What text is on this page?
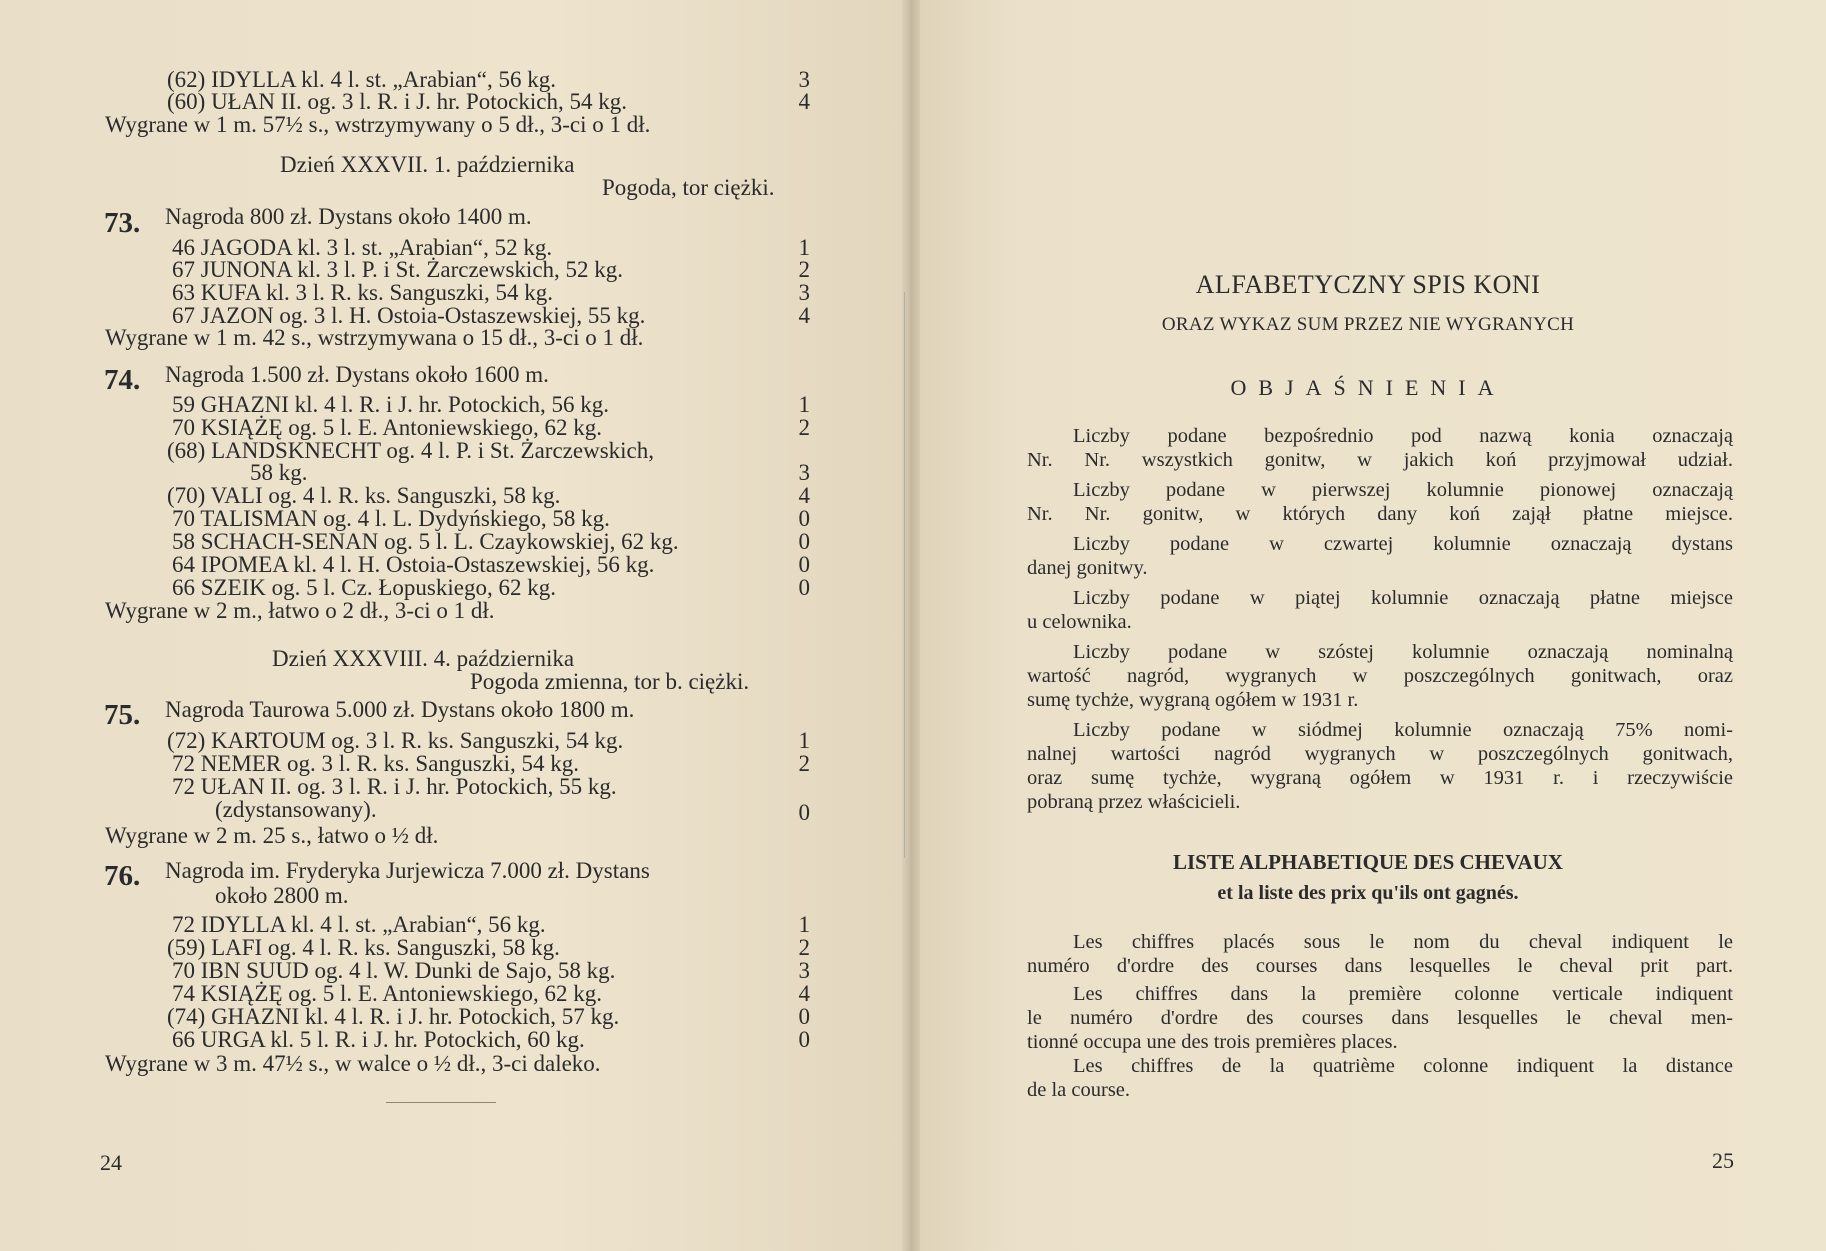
(62) IDYLLA kl. 4 l. st. „Arabian“, 56 kg.	3
(60) UŁAN II. og. 3 l. R. i J. hr. Potockich, 54 kg.	4
Wygrane w 1 m. 57½ s., wstrzymywany o 5 dł., 3-ci o 1 dł.
Dzień XXXVII. 1. października
Pogoda, tor ciężki.
73. Nagroda 800 zł. Dystans około 1400 m.
46 JAGODA kl. 3 l. st. „Arabian“, 52 kg.	1
67 JUNONA kl. 3 l. P. i St. Żarczewskich, 52 kg.	2
63 KUFA kl. 3 l. R. ks. Sanguszki, 54 kg.	3
67 JAZON og. 3 l. H. Ostoia-Ostaszewskiej, 55 kg.	4
Wygrane w 1 m. 42 s., wstrzymywana o 15 dł., 3-ci o 1 dł.
74. Nagroda 1.500 zł. Dystans około 1600 m.
59 GHAZNI kl. 4 l. R. i J. hr. Potockich, 56 kg.	1
70 KSIĄŻĘ og. 5 l. E. Antoniewskiego, 62 kg.	2
(68) LANDSKNECHT og. 4 l. P. i St. Żarczewskich,
58 kg.	3
(70) VALI og. 4 l. R. ks. Sanguszki, 58 kg.	4
70 TALISMAN og. 4 l. L. Dydyńskiego, 58 kg.	0
58 SCHACH-SENAN og. 5 l. L. Czaykowskiej, 62 kg.	0
64 IPOMEA kl. 4 l. H. Ostoia-Ostaszewskiej, 56 kg.	0
66 SZEIK og. 5 l. Cz. Łopuskiego, 62 kg.	0
Wygrane w 2 m., łatwo o 2 dł., 3-ci o 1 dł.
Dzień XXXVIII. 4. października
Pogoda zmienna, tor b. ciężki.
75. Nagroda Taurowa 5.000 zł. Dystans około 1800 m.
(72) KARTOUM og. 3 l. R. ks. Sanguszki, 54 kg.	1
72 NEMER og. 3 l. R. ks. Sanguszki, 54 kg.	2
72 UŁAN II. og. 3 l. R. i J. hr. Potockich, 55 kg.
(zdystansowany).	0
Wygrane w 2 m. 25 s., łatwo o ½ dł.
76. Nagroda im. Fryderyka Jurjewicza 7.000 zł. Dystans
około 2800 m.
72 IDYLLA kl. 4 l. st. „Arabian“, 56 kg.	1
(59) LAFI og. 4 l. R. ks. Sanguszki, 58 kg.	2
70 IBN SUUD og. 4 l. W. Dunki de Sajo, 58 kg.	3
74 KSIĄŻĘ og. 5 l. E. Antoniewskiego, 62 kg.	4
(74) GHAZNI kl. 4 l. R. i J. hr. Potockich, 57 kg.	0
66 URGA kl. 5 l. R. i J. hr. Potockich, 60 kg.	0
Wygrane w 3 m. 47½ s., w walce o ½ dł., 3-ci daleko.
24
ALFABETYCZNY SPIS KONI
ORAZ WYKAZ SUM PRZEZ NIE WYGRANYCH
OBJAŚNIENIA
Liczby podane bezpośrednio pod nazwą konia oznaczają
Nr. Nr. wszystkich gonitw, w jakich koń przyjmował udział.
Liczby podane w pierwszej kolumnie pionowej oznaczają
Nr. Nr. gonitw, w których dany koń zajął płatne miejsce.
Liczby podane w czwartej kolumnie oznaczają dystans
danej gonitwy.
Liczby podane w piątej kolumnie oznaczają płatne miejsce
u celownika.
Liczby podane w szóstej kolumnie oznaczają nominalną
wartość nagród, wygranych w poszczególnych gonitwach, oraz
sumę tychże, wygraną ogółem w 1931 r.
Liczby podane w siódmej kolumnie oznaczają 75% nomi-
nalnej wartości nagród wygranych w poszczególnych gonitwach,
oraz sumę tychże, wygraną ogółem w 1931 r. i rzeczywiście
pobraną przez właścicieli.
LISTE ALPHABETIQUE DES CHEVAUX
et la liste des prix qu'ils ont gagnés.
Les chiffres placés sous le nom du cheval indiquent le
numéro d'ordre des courses dans lesquelles le cheval prit part.
Les chiffres dans la première colonne verticale indiquent
le numéro d'ordre des courses dans lesquelles le cheval men-
tionné occupa une des trois premières places.
Les chiffres de la quatrième colonne indiquent la distance
de la course.
25
